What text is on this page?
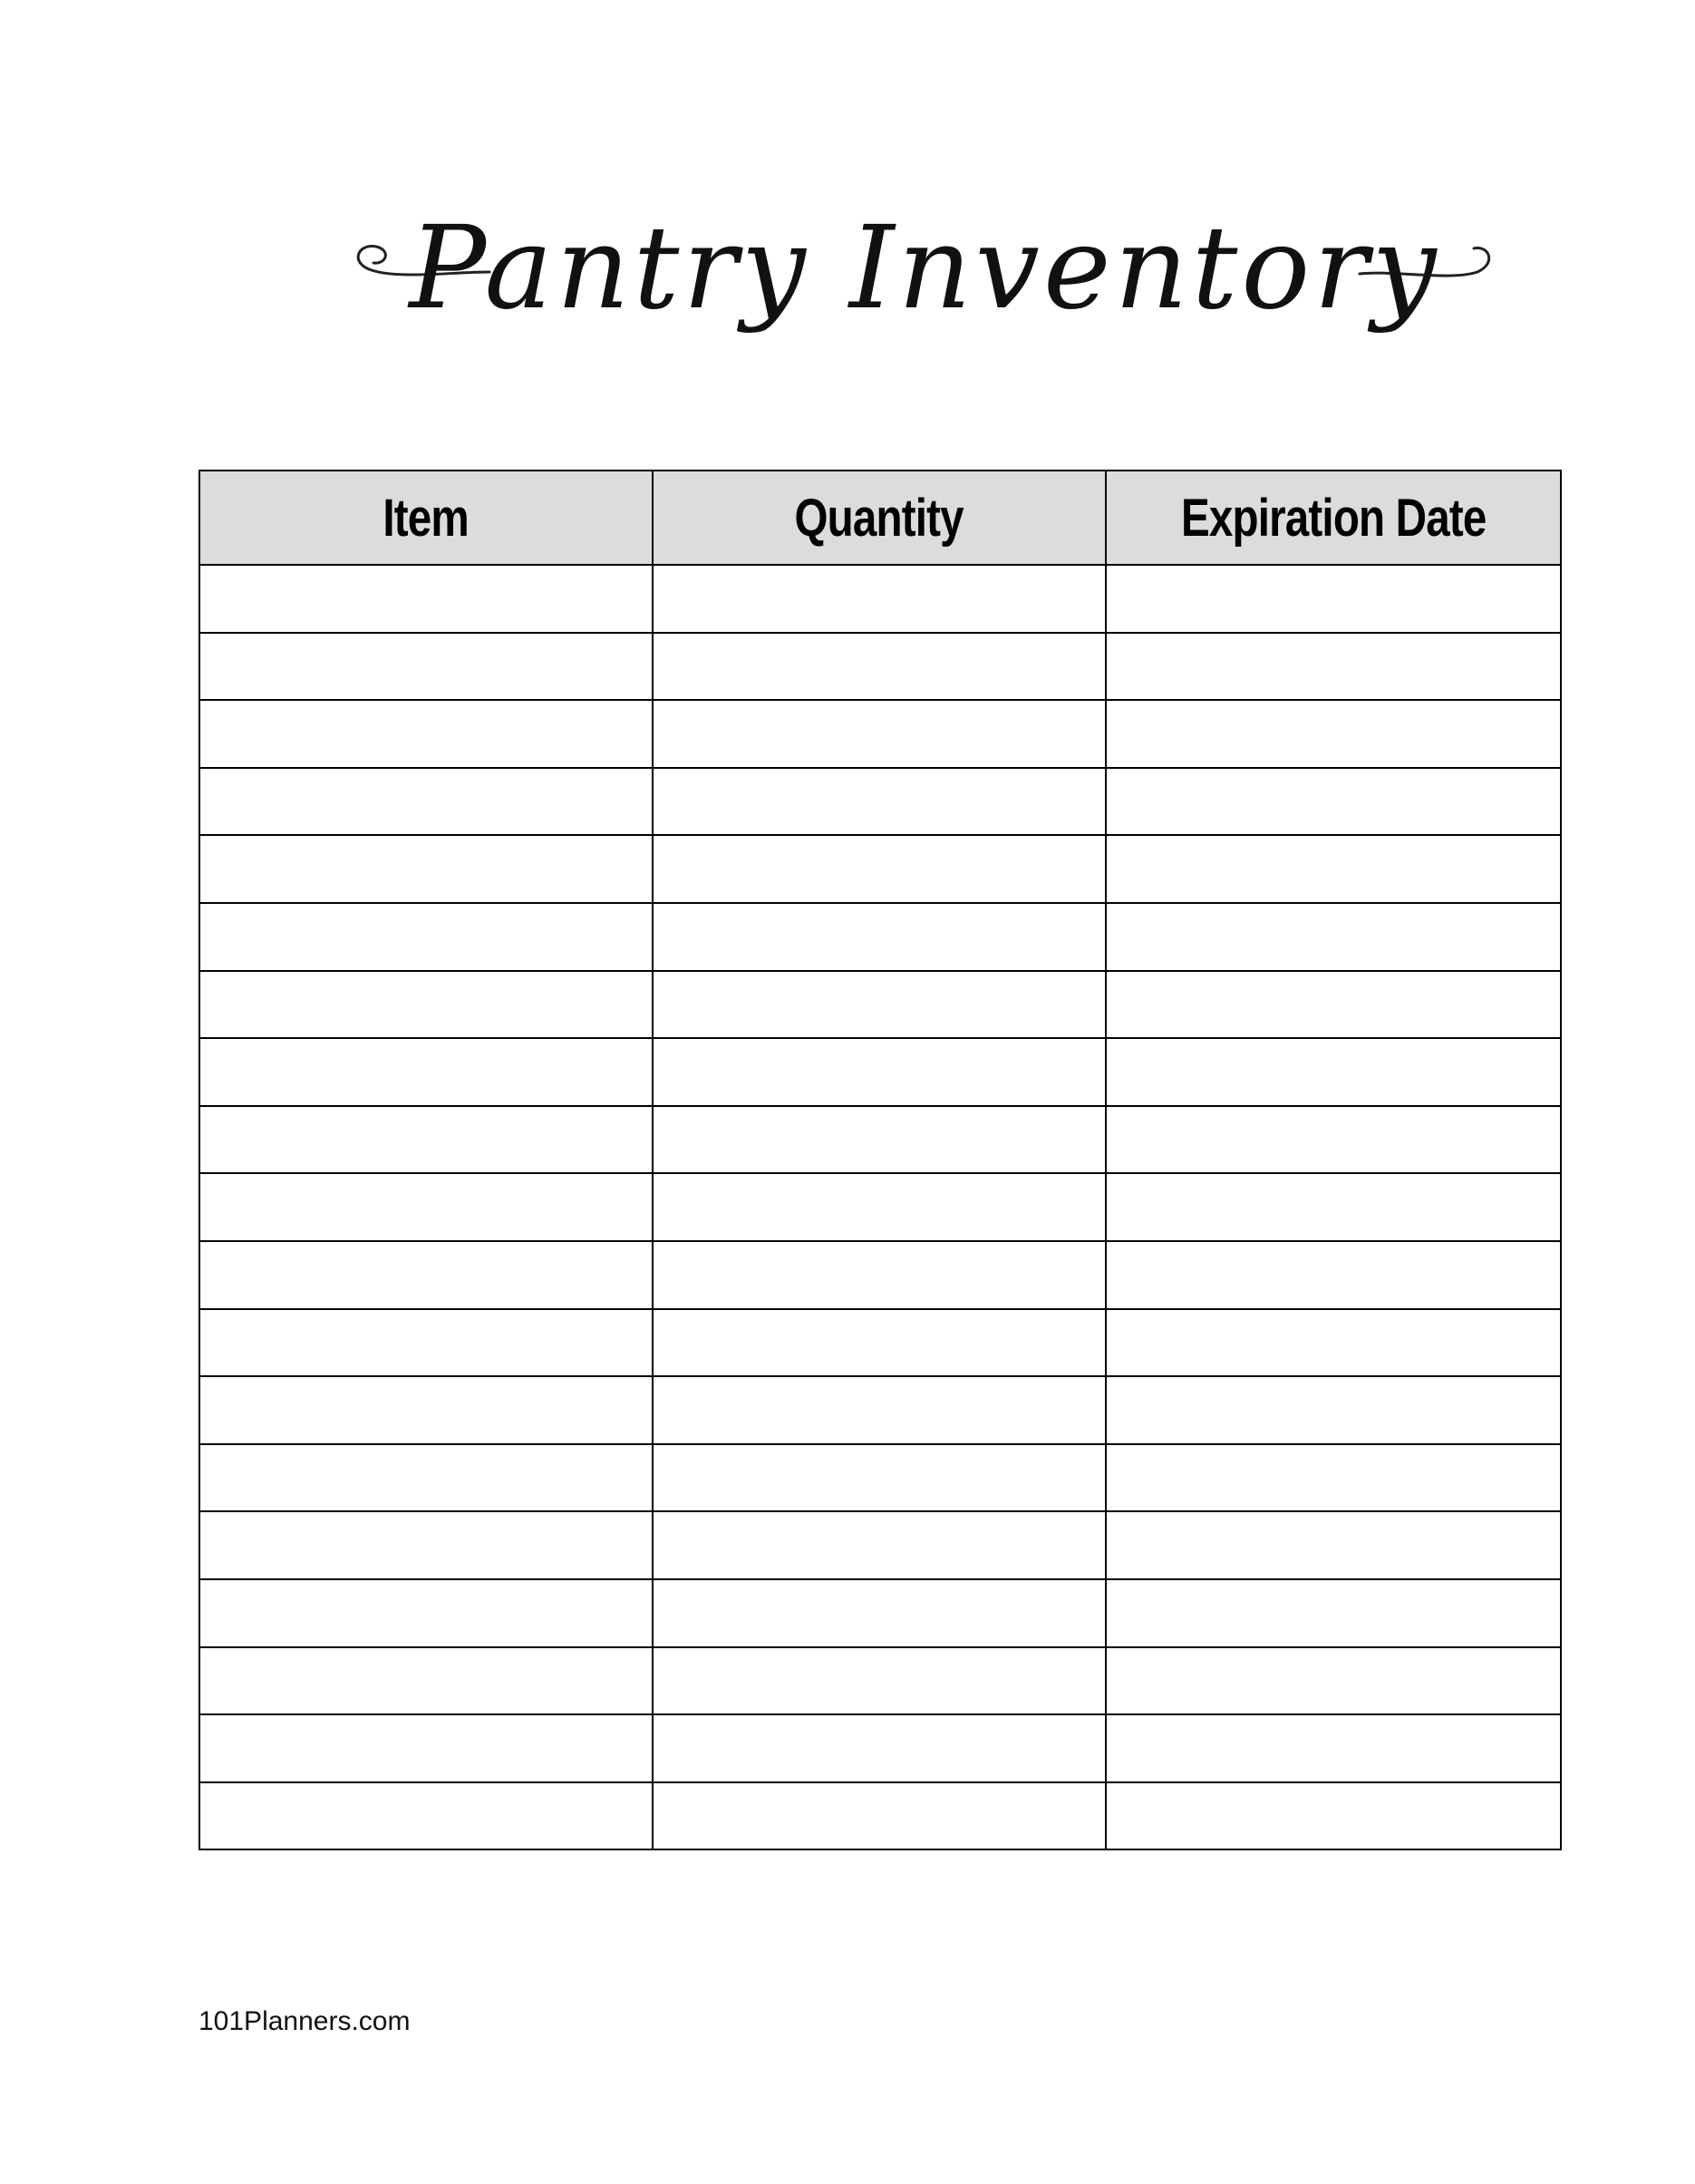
Pantry Inventory
Item	Quantity	Expiration Date

101Planners.com
